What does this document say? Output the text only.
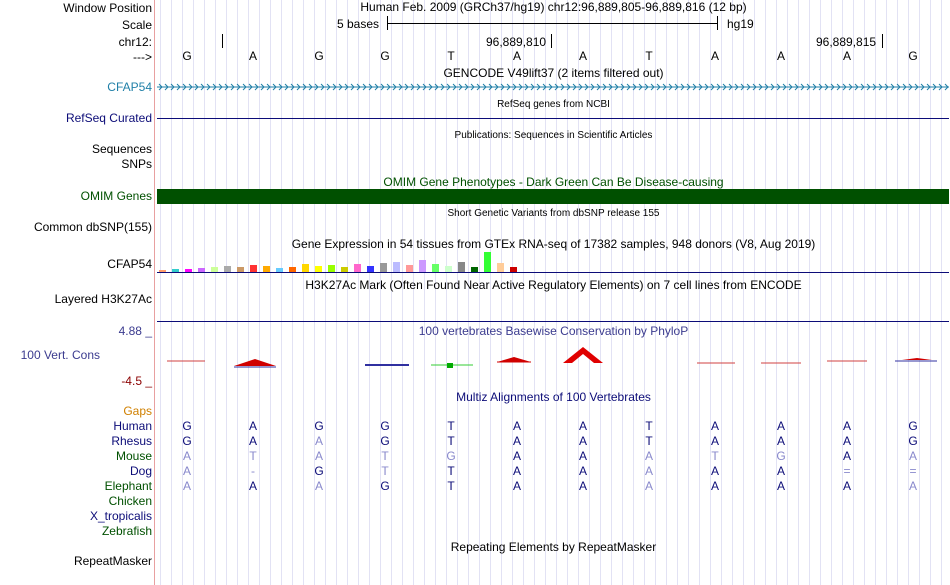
Window Position	Human Feb. 2009 (GRCh37/hg19) chr12:96,889,805-96,889,816 (12 bp)
Scale	5 bases	hg19
chr12:	96,889,810	96,889,815
--->	G	A	G	G	T	A	A	T	A	A	A	G
GENCODE V49lift37 (2 items filtered out)
CFAP54
RefSeq genes from NCBI
RefSeq Curated
Publications: Sequences in Scientific Articles
Sequences
SNPs
OMIM Gene Phenotypes - Dark Green Can Be Disease-causing
OMIM Genes
Short Genetic Variants from dbSNP release 155
Common dbSNP(155)
Gene Expression in 54 tissues from GTEx RNA-seq of 17382 samples, 948 donors (V8, Aug 2019)
CFAP54
H3K27Ac Mark (Often Found Near Active Regulatory Elements) on 7 cell lines from ENCODE
Layered H3K27Ac
100 vertebrates Basewise Conservation by PhyloP
4.88 _
100 Vert. Cons
-4.5 _
Multiz Alignments of 100 Vertebrates
Gaps
Human	G	A	G	G	T	A	A	T	A	A	A	G
Rhesus	G	A	A	G	T	A	A	T	A	A	A	G
Mouse	A	T	A	T	G	A	A	A	T	G	A	A
Dog	A	-	G	T	T	A	A	A	A	A	=	=
Elephant	A	A	A	G	T	A	A	A	A	A	A	A
Chicken
X_tropicalis
Zebrafish
Repeating Elements by RepeatMasker
RepeatMasker
